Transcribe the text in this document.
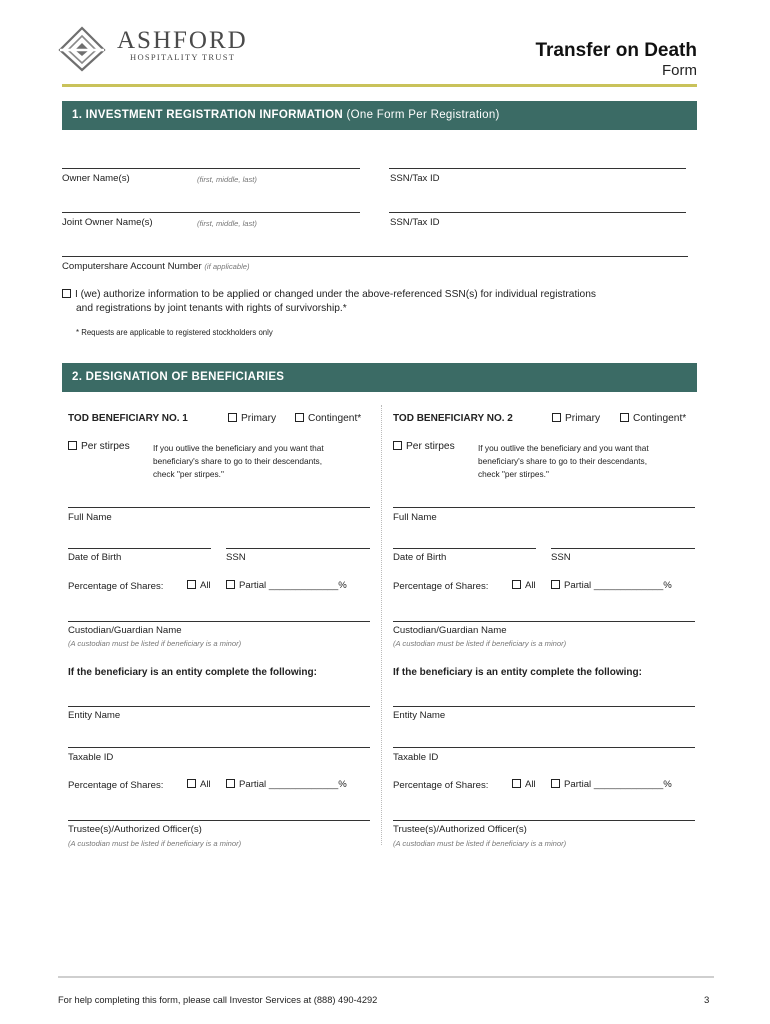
ASHFORD
HOSPITALITY TRUST	Transfer on Death
Form
1. INVESTMENT REGISTRATION INFORMATION (One Form Per Registration)
Owner Name(s)	(first, middle, last)	SSN/Tax ID
Joint Owner Name(s)	(first, middle, last)	SSN/Tax ID
Computershare Account Number (if applicable)
I (we) authorize information to be applied or changed under the above-referenced SSN(s) for individual registrations
and registrations by joint tenants with rights of survivorship.*
* Requests are applicable to registered stockholders only
2. DESIGNATION OF BENEFICIARIES
TOD BENEFICIARY NO. 1	Primary	Contingent*
Per stirpes	If you outlive the beneficiary and you want that
beneficiary's share to go to their descendants,
check "per stirpes."
Full Name
Date of Birth	SSN
Percentage of Shares:	All	Partial _____________%
Custodian/Guardian Name
(A custodian must be listed if beneficiary is a minor)
If the beneficiary is an entity complete the following:
Entity Name
Taxable ID
Percentage of Shares:	All	Partial _____________%
Trustee(s)/Authorized Officer(s)
(A custodian must be listed if beneficiary is a minor)
TOD BENEFICIARY NO. 2	Primary	Contingent*
Per stirpes	If you outlive the beneficiary and you want that
beneficiary's share to go to their descendants,
check "per stirpes."
Full Name
Date of Birth	SSN
Percentage of Shares:	All	Partial _____________%
Custodian/Guardian Name
(A custodian must be listed if beneficiary is a minor)
If the beneficiary is an entity complete the following:
Entity Name
Taxable ID
Percentage of Shares:	All	Partial _____________%
Trustee(s)/Authorized Officer(s)
(A custodian must be listed if beneficiary is a minor)
For help completing this form, please call Investor Services at (888) 490-4292	3
